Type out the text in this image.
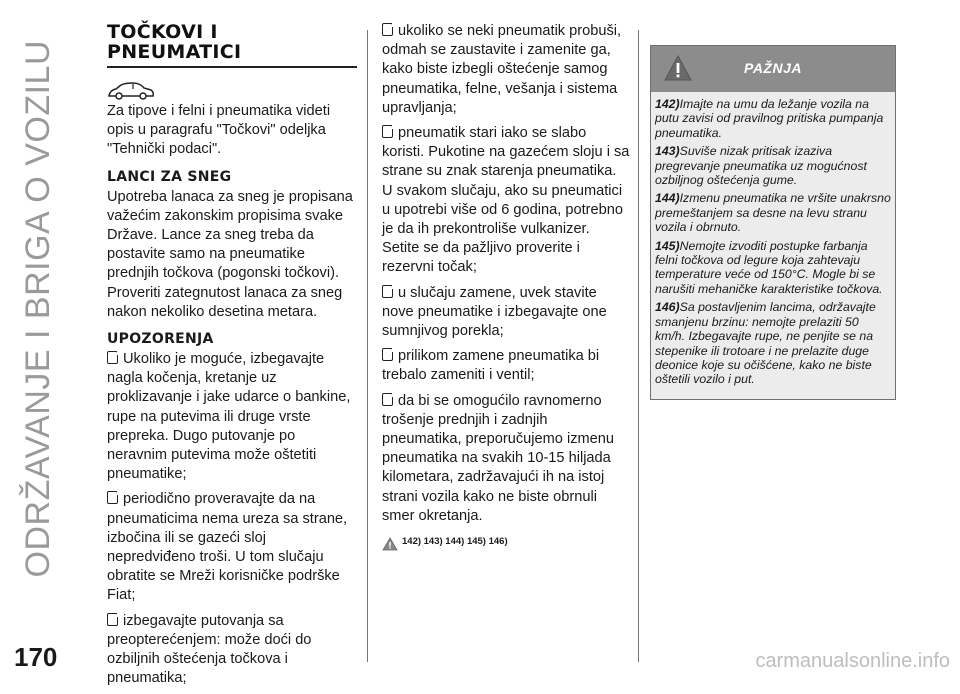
ODRŽAVANJE I BRIGA O VOZILU
170	carmanualsonline.info
TOČKOVI I
PNEUMATICI

Za tipove i felni i pneumatika videti opis u paragrafu "Točkovi" odeljka "Tehnički podaci".

LANCI ZA SNEG

Upotreba lanaca za sneg je propisana važećim zakonskim propisima svake Države. Lance za sneg treba da postavite samo na pneumatike prednjih točkova (pogonski točkovi). Proveriti zategnutost lanaca za sneg nakon nekoliko desetina metara.

UPOZORENJA

Ukoliko je moguće, izbegavajte nagla kočenja, kretanje uz proklizavanje i jake udarce o bankine, rupe na putevima ili druge vrste prepreka. Dugo putovanje po neravnim putevima može oštetiti pneumatike;

periodično proveravajte da na pneumaticima nema ureza sa strane, izbočina ili se gazeći sloj nepredviđeno troši. U tom slučaju obratite se Mreži korisničke podrške Fiat;

izbegavajte putovanja sa preopterećenjem: može doći do ozbiljnih oštećenja točkova i pneumatika;

ukoliko se neki pneumatik probuši, odmah se zaustavite i zamenite ga, kako biste izbegli oštećenje samog pneumatika, felne, vešanja i sistema upravljanja;

pneumatik stari iako se slabo koristi. Pukotine na gazećem sloju i sa strane su znak starenja pneumatika. U svakom slučaju, ako su pneumatici u upotrebi više od 6 godina, potrebno je da ih prekontroliše vulkanizer. Setite se da pažljivo proverite i rezervni točak;

u slučaju zamene, uvek stavite nove pneumatike i izbegavajte one sumnjivog porekla;

prilikom zamene pneumatika bi trebalo zameniti i ventil;

da bi se omogućilo ravnomerno trošenje prednjih i zadnjih pneumatika, preporučujemo izmenu pneumatika na svakih 10-15 hiljada kilometara, zadržavajući ih na istoj strani vozila kako ne biste obrnuli smer okretanja.

142) 143) 144) 145) 146)
PAŽNJA

142)Imajte na umu da ležanje vozila na putu zavisi od pravilnog pritiska pumpanja pneumatika.

143)Suviše nizak pritisak izaziva pregrevanje pneumatika uz mogućnost ozbiljnog oštećenja gume.

144)Izmenu pneumatika ne vršite unakrsno premeštanjem sa desne na levu stranu vozila i obrnuto.

145)Nemojte izvoditi postupke farbanja felni točkova od legure koja zahtevaju temperature veće od 150°C. Mogle bi se narušiti mehaničke karakteristike točkova.

146)Sa postavljenim lancima, održavajte smanjenu brzinu: nemojte prelaziti 50 km/h. Izbegavajte rupe, ne penjite se na stepenike ili trotoare i ne prelazite duge deonice koje su očišćene, kako ne biste oštetili vozilo i put.
